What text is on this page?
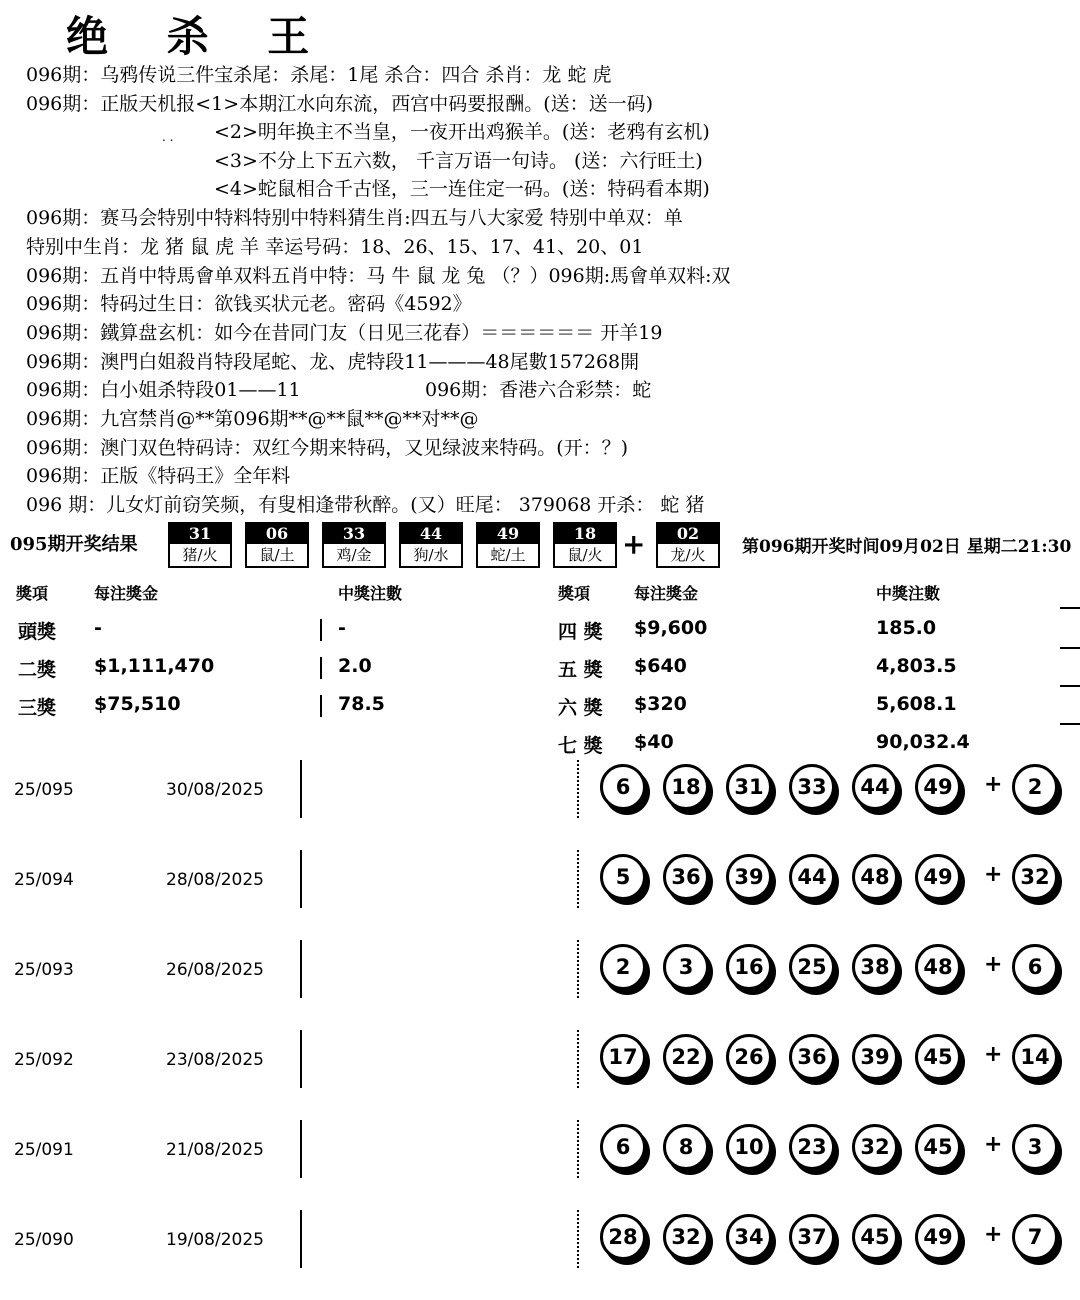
绝 杀 王
096期：乌鸦传说三件宝杀尾：杀尾：1尾 杀合：四合 杀肖：龙 蛇 虎
096期：正版天机报<1>本期江水向东流，西宫中码要报酬。(送：送一码)
<2>明年换主不当皇，一夜开出鸡猴羊。(送：老鸦有玄机)
. .
<3>不分上下五六数， 千言万语一句诗。 (送：六行旺土)
<4>蛇鼠相合千古怪，三一连住定一码。(送：特码看本期)
096期：赛马会特别中特料特别中特料猜生肖:四五与八大家爱 特别中单双：单
特别中生肖：龙 猪 鼠 虎 羊 幸运号码：18、26、15、17、41、20、01
096期：五肖中特馬會单双料五肖中特：马 牛 鼠 龙 兔 （？）096期:馬會单双料:双
096期：特码过生日：欲钱买状元老。密码《4592》
096期：鐵算盘玄机：如今在昔同门友（日见三花春）＝＝＝＝＝＝ 开羊19
096期：澳門白姐殺肖特段尾蛇、龙、虎特段11———48尾數157268開
096期：白小姐杀特段01——11	096期：香港六合彩禁：蛇
096期：九宫禁肖@**第096期**@**鼠**@**对**@
096期：澳门双色特码诗：双红今期来特码，又见绿波来特码。(开：？)
096期：正版《特码王》全年料
096 期：儿女灯前窃笑频，有叟相逢带秋醉。(又）旺尾： 379068 开杀： 蛇 猪
095期开奖结果
31
猪/火
06
鼠/土
33
鸡/金
44
狗/水
49
蛇/土
18
鼠/火 +	02
龙/火	第096期开奖时间09月02日 星期二21:30
獎項	每注獎金	中獎注數	獎項	每注獎金	中獎注數
頭獎 -	-
二獎 $1,111,470	2.0
三獎 $75,510	78.5
四 獎 $9,600	185.0
五 獎 $640	4,803.5
六 獎 $320	5,608.1
七 獎 $40	90,032.4
25/095	30/08/2025	6	18	31	33	44	49	+	2
25/094	28/08/2025	5	36	39	44	48	49	+ 32
25/093	26/08/2025	2	3	16	25	38	48	+	6
25/092	23/08/2025	17	22	26	36	39	45	+ 14
25/091	21/08/2025	6	8	10	23	32	45	+	3
25/090	19/08/2025	28	32	34	37	45	49	+	7
